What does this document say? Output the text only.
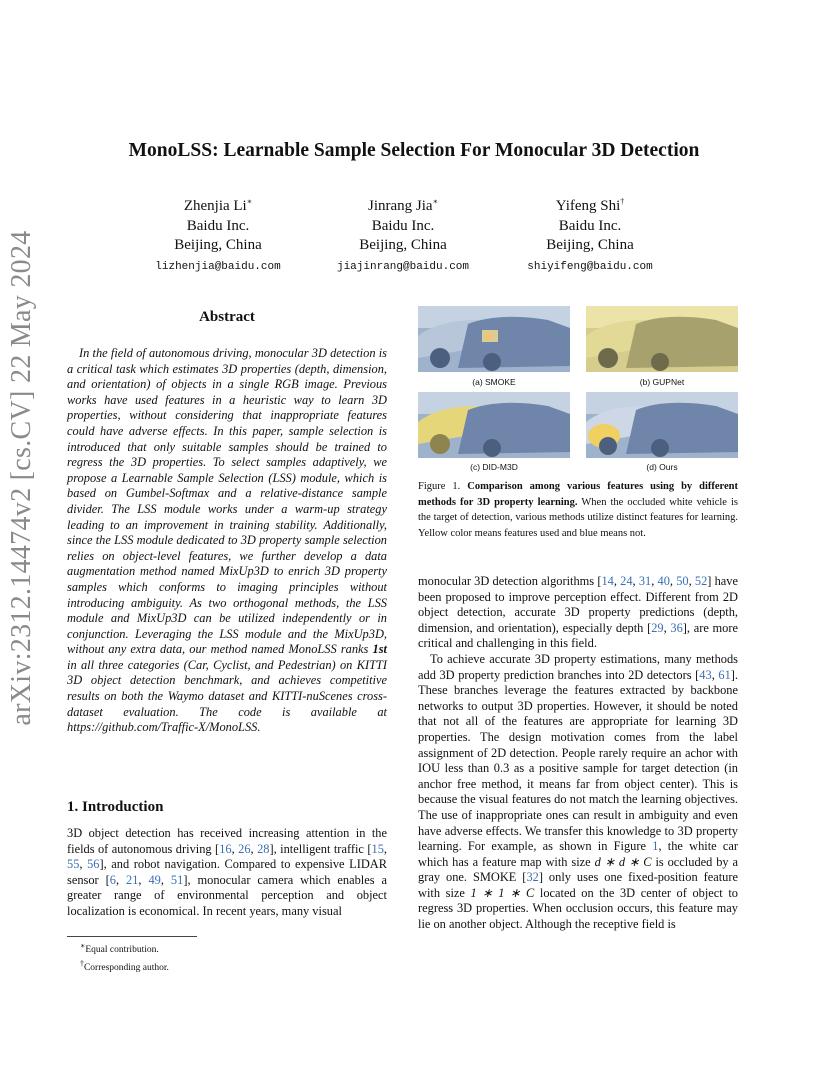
arXiv:2312.14474v2 [cs.CV] 22 May 2024
MonoLSS: Learnable Sample Selection For Monocular 3D Detection
Zhenjia Li∗
Baidu Inc.
Beijing, China
lizhenjia@baidu.com
Jinrang Jia∗
Baidu Inc.
Beijing, China
jiajinrang@baidu.com
Yifeng Shi†
Baidu Inc.
Beijing, China
shiyifeng@baidu.com
Abstract
In the field of autonomous driving, monocular 3D detection is a critical task which estimates 3D properties (depth, dimension, and orientation) of objects in a single RGB image. Previous works have used features in a heuristic way to learn 3D properties, without considering that inappropriate features could have adverse effects. In this paper, sample selection is introduced that only suitable samples should be trained to regress the 3D properties. To select samples adaptively, we propose a Learnable Sample Selection (LSS) module, which is based on Gumbel-Softmax and a relative-distance sample divider. The LSS module works under a warm-up strategy leading to an improvement in training stability. Additionally, since the LSS module dedicated to 3D property sample selection relies on object-level features, we further develop a data augmentation method named MixUp3D to enrich 3D property samples which conforms to imaging principles without introducing ambiguity. As two orthogonal methods, the LSS module and MixUp3D can be utilized independently or in conjunction. Leveraging the LSS module and the MixUp3D, without any extra data, our method named MonoLSS ranks 1st in all three categories (Car, Cyclist, and Pedestrian) on KITTI 3D object detection benchmark, and achieves competitive results on both the Waymo dataset and KITTI-nuScenes cross-dataset evaluation. The code is available at https://github.com/Traffic-X/MonoLSS.
1. Introduction

3D object detection has received increasing attention in the fields of autonomous driving [16, 26, 28], intelligent traffic [15, 55, 56], and robot navigation. Compared to expensive LIDAR sensor [6, 21, 49, 51], monocular camera which enables a greater range of environmental perception and object localization is economical. In recent years, many visual

∗Equal contribution.
†Corresponding author.
(a) SMOKE	(b) GUPNet
(c) DID-M3D	(d) Ours
Figure 1. Comparison among various features using by different methods for 3D property learning. When the occluded white vehicle is the target of detection, various methods utilize distinct features for learning. Yellow color means features used and blue means not.

monocular 3D detection algorithms [14, 24, 31, 40, 50, 52] have been proposed to improve perception effect. Different from 2D object detection, accurate 3D property predictions (depth, dimension, and orientation), especially depth [29, 36], are more critical and challenging in this field.

To achieve accurate 3D property estimations, many methods add 3D property prediction branches into 2D detectors [43, 61]. These branches leverage the features extracted by backbone networks to output 3D properties. However, it should be noted that not all of the features are appropriate for learning 3D properties. The design motivation comes from the label assignment of 2D detection. People rarely require an achor with IOU less than 0.3 as a positive sample for target detection (in anchor free method, it means far from object center). This is because the visual features do not match the learning objectives. The use of inappropriate ones can result in ambiguity and even have adverse effects. We transfer this knowledge to 3D property learning. For example, as shown in Figure 1, the white car which has a feature map with size d ∗ d ∗ C is occluded by a gray one. SMOKE [32] only uses one fixed-position feature with size 1 ∗ 1 ∗ C located on the 3D center of object to regress 3D properties. When occlusion occurs, this feature may lie on another object. Although the receptive field is
